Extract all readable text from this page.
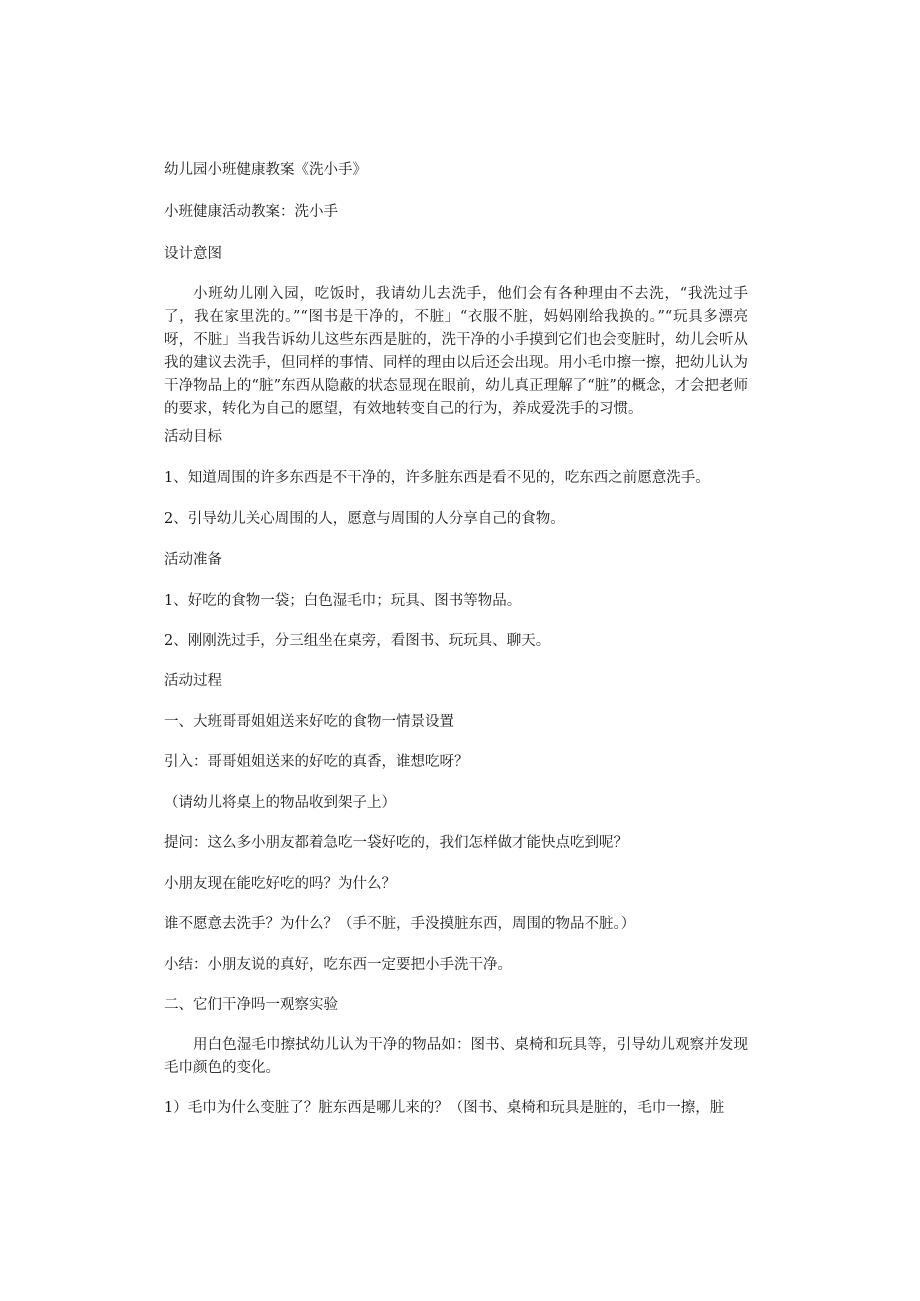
幼儿园小班健康教案《洗小手》

小班健康活动教案：洗小手

设计意图

小班幼儿刚入园，吃饭时，我请幼儿去洗手，他们会有各种理由不去洗，“我洗过手了，我在家里洗的。”“图书是干净的，不脏」“衣服不脏，妈妈刚给我换的。”“玩具多漂亮呀，不脏」当我告诉幼儿这些东西是脏的，洗干净的小手摸到它们也会变脏时，幼儿会听从我的建议去洗手，但同样的事情、同样的理由以后还会出现。用小毛巾擦一擦，把幼儿认为干净物品上的“脏”东西从隐蔽的状态显现在眼前，幼儿真正理解了“脏”的概念，才会把老师的要求，转化为自己的愿望，有效地转变自己的行为，养成爱洗手的习惯。

活动目标

1、知道周围的许多东西是不干净的，许多脏东西是看不见的，吃东西之前愿意洗手。

2、引导幼儿关心周围的人，愿意与周围的人分享自己的食物。

活动准备

1、好吃的食物一袋；白色湿毛巾；玩具、图书等物品。

2、刚刚洗过手，分三组坐在桌旁，看图书、玩玩具、聊天。

活动过程

一、大班哥哥姐姐送来好吃的食物一情景设置

引入：哥哥姐姐送来的好吃的真香，谁想吃呀？

（请幼儿将桌上的物品收到架子上）

提问：这么多小朋友都着急吃一袋好吃的，我们怎样做才能快点吃到呢？

小朋友现在能吃好吃的吗？为什么？

谁不愿意去洗手？为什么？（手不脏，手没摸脏东西，周围的物品不脏。）

小结：小朋友说的真好，吃东西一定要把小手洗干净。

二、它们干净吗一观察实验

用白色湿毛巾擦拭幼儿认为干净的物品如：图书、桌椅和玩具等，引导幼儿观察并发现毛巾颜色的变化。

1）毛巾为什么变脏了？脏东西是哪儿来的？（图书、桌椅和玩具是脏的，毛巾一擦，脏
